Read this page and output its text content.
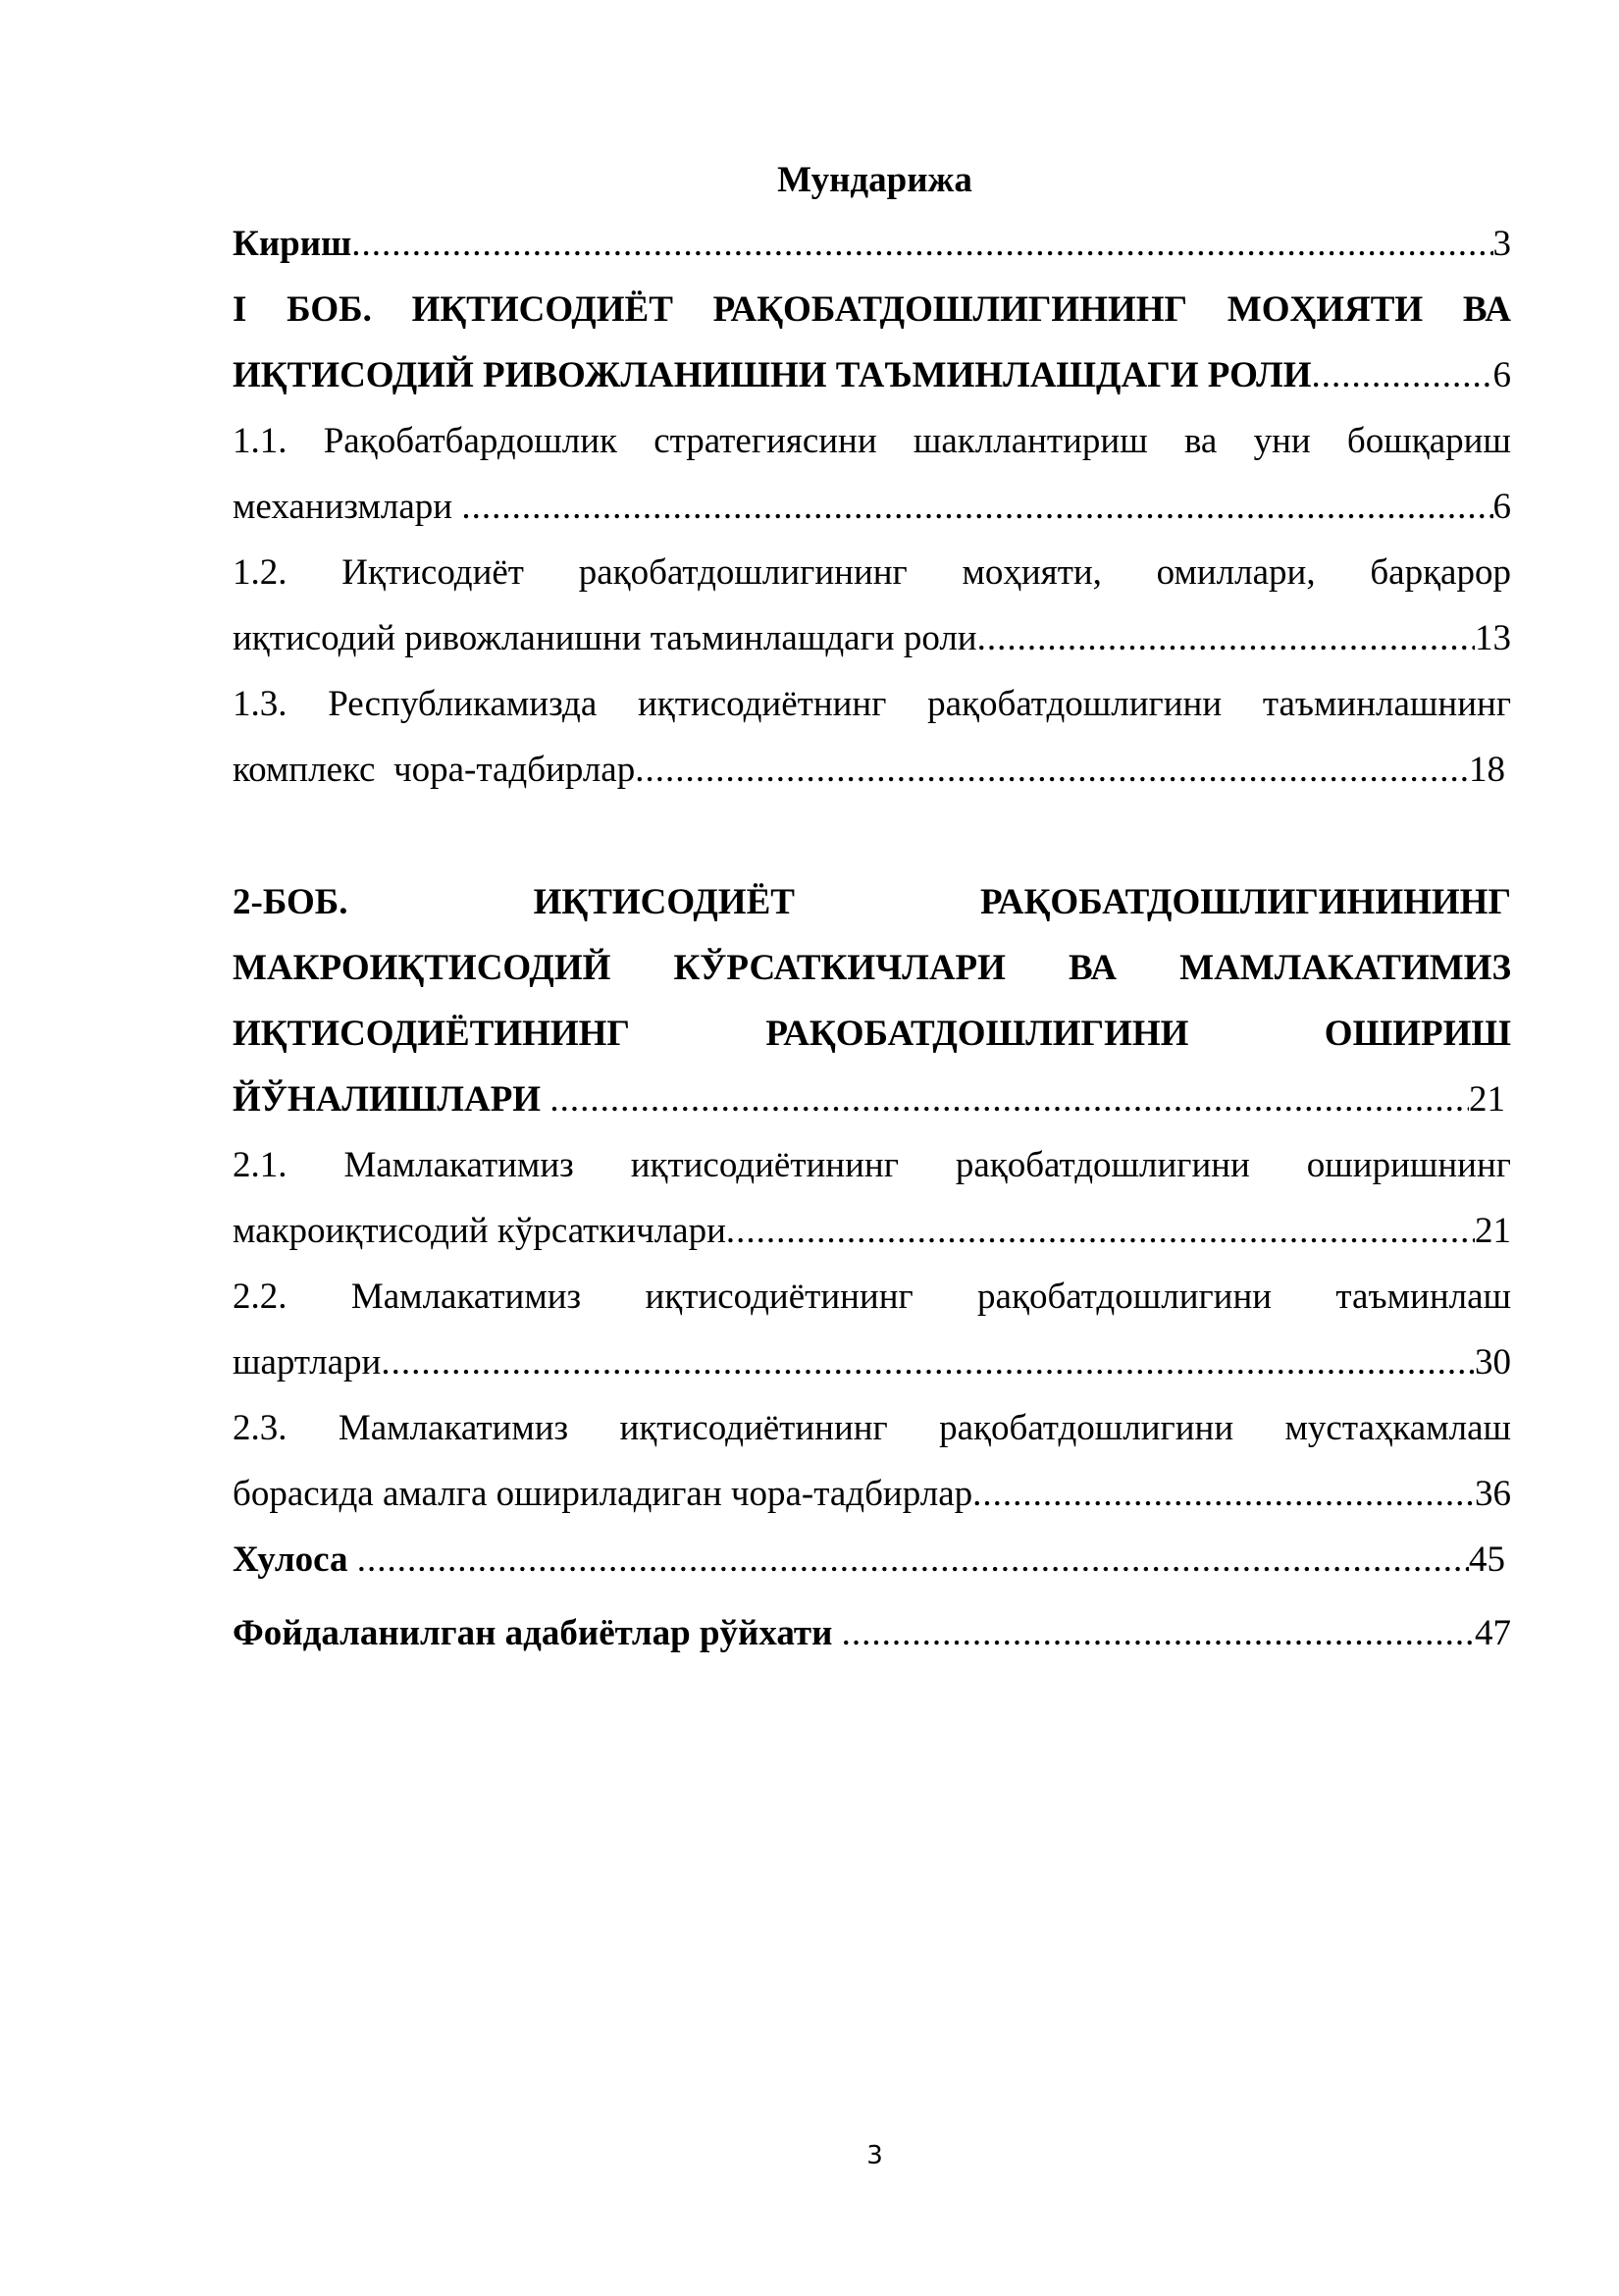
Мундарижа
Кириш .....	3
I БОБ. ИҚТИСОДИЁТ РАҚОБАТДОШЛИГИНИНГ МОҲИЯТИ ВА
ИҚТИСОДИЙ РИВОЖЛАНИШНИ ТАЪМИНЛАШДАГИ РОЛИ .....	6
1.1. Рақобатбардошлик стратегиясини шакллантириш ва уни бошқариш
механизмлари .....	6
1.2. Иқтисодиёт рақобатдошлигининг моҳияти, омиллари, барқарор
иқтисодий ривожланишни таъминлашдаги роли .....	13
1.3. Республикамизда иқтисодиётнинг рақобатдошлигини таъминлашнинг
комплекс  чора-тадбирлар .....	18
2-БОБ.	ИҚТИСОДИЁТ	РАҚОБАТДОШЛИГИНИНИНГ
МАКРОИҚТИСОДИЙ КЎРСАТКИЧЛАРИ ВА МАМЛАКАТИМИЗ
ИҚТИСОДИЁТИНИНГ	РАҚОБАТДОШЛИГИНИ	ОШИРИШ
ЙЎНАЛИШЛАРИ .....	21
2.1. Мамлакатимиз иқтисодиётининг рақобатдошлигини оширишнинг
макроиқтисодий кўрсаткичлари .....	21
2.2. Мамлакатимиз иқтисодиётининг рақобатдошлигини таъминлаш
шартлари .....	30
2.3. Мамлакатимиз иқтисодиётининг рақобатдошлигини мустаҳкамлаш
борасида амалга ошириладиган чора-тадбирлар .....	36
Хулоса .....	45
Фойдаланилган адабиётлар рўйхати .....	47
3
